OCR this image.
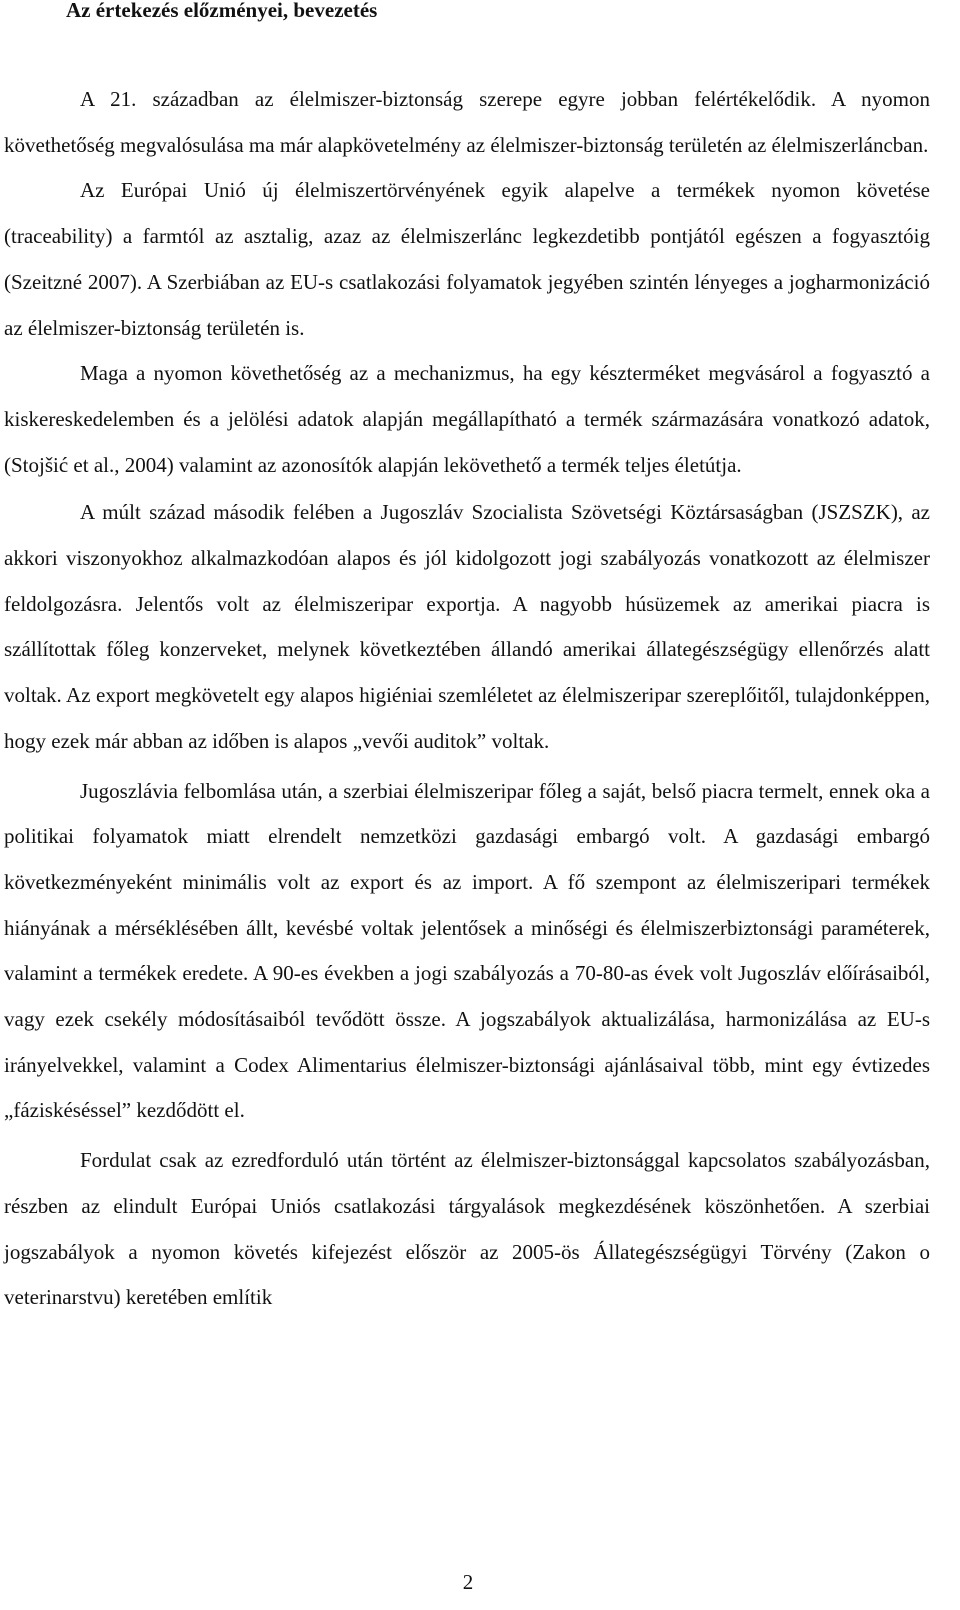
Az értekezés előzményei, bevezetés

A 21. században az élelmiszer-biztonság szerepe egyre jobban felértékelődik. A nyomon követhetőség megvalósulása ma már alapkövetelmény az élelmiszer-biztonság területén az élelmiszerláncban.

Az Európai Unió új élelmiszertörvényének egyik alapelve a termékek nyomon követése (traceability) a farmtól az asztalig, azaz az élelmiszerlánc legkezdetibb pontjától egészen a fogyasztóig (Szeitzné 2007). A Szerbiában az EU-s csatlakozási folyamatok jegyében szintén lényeges a jogharmonizáció az élelmiszer-biztonság területén is.

Maga a nyomon követhetőség az a mechanizmus, ha egy készterméket megvásárol a fogyasztó a kiskereskedelemben és a jelölési adatok alapján megállapítható a termék származására vonatkozó adatok, (Stojšić et al., 2004) valamint az azonosítók alapján lekövethető a termék teljes életútja.

A múlt század második felében a Jugoszláv Szocialista Szövetségi Köztársaságban (JSZSZK), az akkori viszonyokhoz alkalmazkodóan alapos és jól kidolgozott jogi szabályozás vonatkozott az élelmiszer feldolgozásra. Jelentős volt az élelmiszeripar exportja. A nagyobb húsüzemek az amerikai piacra is szállítottak főleg konzerveket, melynek következtében állandó amerikai állategészségügy ellenőrzés alatt voltak. Az export megkövetelt egy alapos higiéniai szemléletet az élelmiszeripar szereplőitől, tulajdonképpen, hogy ezek már abban az időben is alapos „vevői auditok” voltak.

Jugoszlávia felbomlása után, a szerbiai élelmiszeripar főleg a saját, belső piacra termelt, ennek oka a politikai folyamatok miatt elrendelt nemzetközi gazdasági embargó volt. A gazdasági embargó következményeként minimális volt az export és az import. A fő szempont az élelmiszeripari termékek hiányának a mérséklésében állt, kevésbé voltak jelentősek a minőségi és élelmiszerbiztonsági paraméterek, valamint a termékek eredete. A 90-es években a jogi szabályozás a 70-80-as évek volt Jugoszláv előírásaiból, vagy ezek csekély módosításaiból tevődött össze. A jogszabályok aktualizálása, harmonizálása az EU-s irányelvekkel, valamint a Codex Alimentarius élelmiszer-biztonsági ajánlásaival több, mint egy évtizedes „fáziskéséssel” kezdődött el.

Fordulat csak az ezredforduló után történt az élelmiszer-biztonsággal kapcsolatos szabályozásban, részben az elindult Európai Uniós csatlakozási tárgyalások megkezdésének köszönhetően. A szerbiai jogszabályok a nyomon követés kifejezést először az 2005-ös Állategészségügyi Törvény (Zakon o veterinarstvu) keretében említik

2
